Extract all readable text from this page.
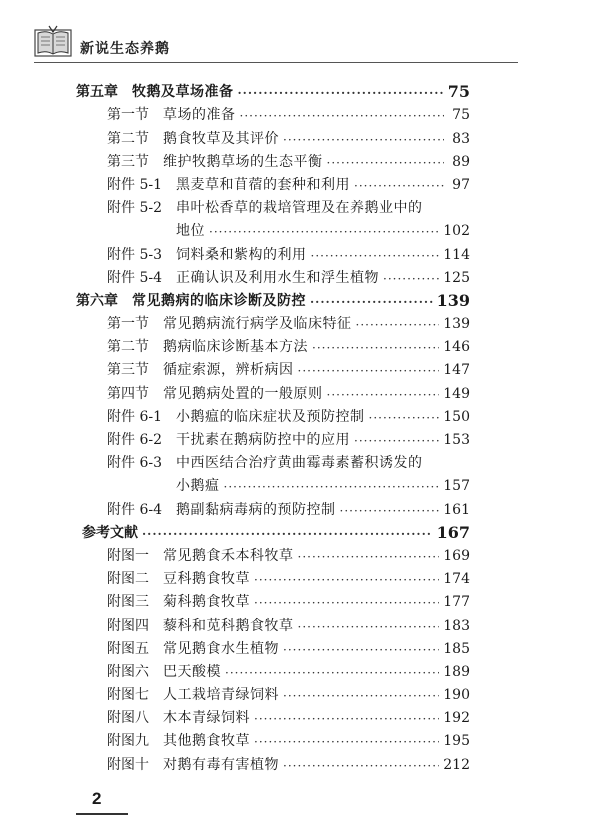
新说生态养鹅
第五章 牧鹅及草场准备 ·····	75
第一节 草场的准备 ·····	75
第二节 鹅食牧草及其评价 ·····	83
第三节 维护牧鹅草场的生态平衡 ·····	89
附件 5-1 黑麦草和苜蓿的套种和利用 ·····	97
附件 5-2 串叶松香草的栽培管理及在养鹅业中的
地位 ·····	102
附件 5-3 饲料桑和紫构的利用 ·····	114
附件 5-4 正确认识及利用水生和浮生植物 ·····	125
第六章 常见鹅病的临床诊断及防控 ·····	139
第一节 常见鹅病流行病学及临床特征 ·····	139
第二节 鹅病临床诊断基本方法 ·····	146
第三节 循症索源，辨析病因 ·····	147
第四节 常见鹅病处置的一般原则 ·····	149
附件 6-1 小鹅瘟的临床症状及预防控制 ·····	150
附件 6-2 干扰素在鹅病防控中的应用 ·····	153
附件 6-3 中西医结合治疗黄曲霉毒素蓄积诱发的
小鹅瘟 ·····	157
附件 6-4 鹅副黏病毒病的预防控制 ·····	161
参考文献 ·····	167
附图一 常见鹅食禾本科牧草 ·····	169
附图二 豆科鹅食牧草 ·····	174
附图三 菊科鹅食牧草 ·····	177
附图四 藜科和苋科鹅食牧草 ·····	183
附图五 常见鹅食水生植物 ·····	185
附图六 巴天酸模 ·····	189
附图七 人工栽培青绿饲料 ·····	190
附图八 木本青绿饲料 ·····	192
附图九 其他鹅食牧草 ·····	195
附图十 对鹅有毒有害植物 ·····	212
2
